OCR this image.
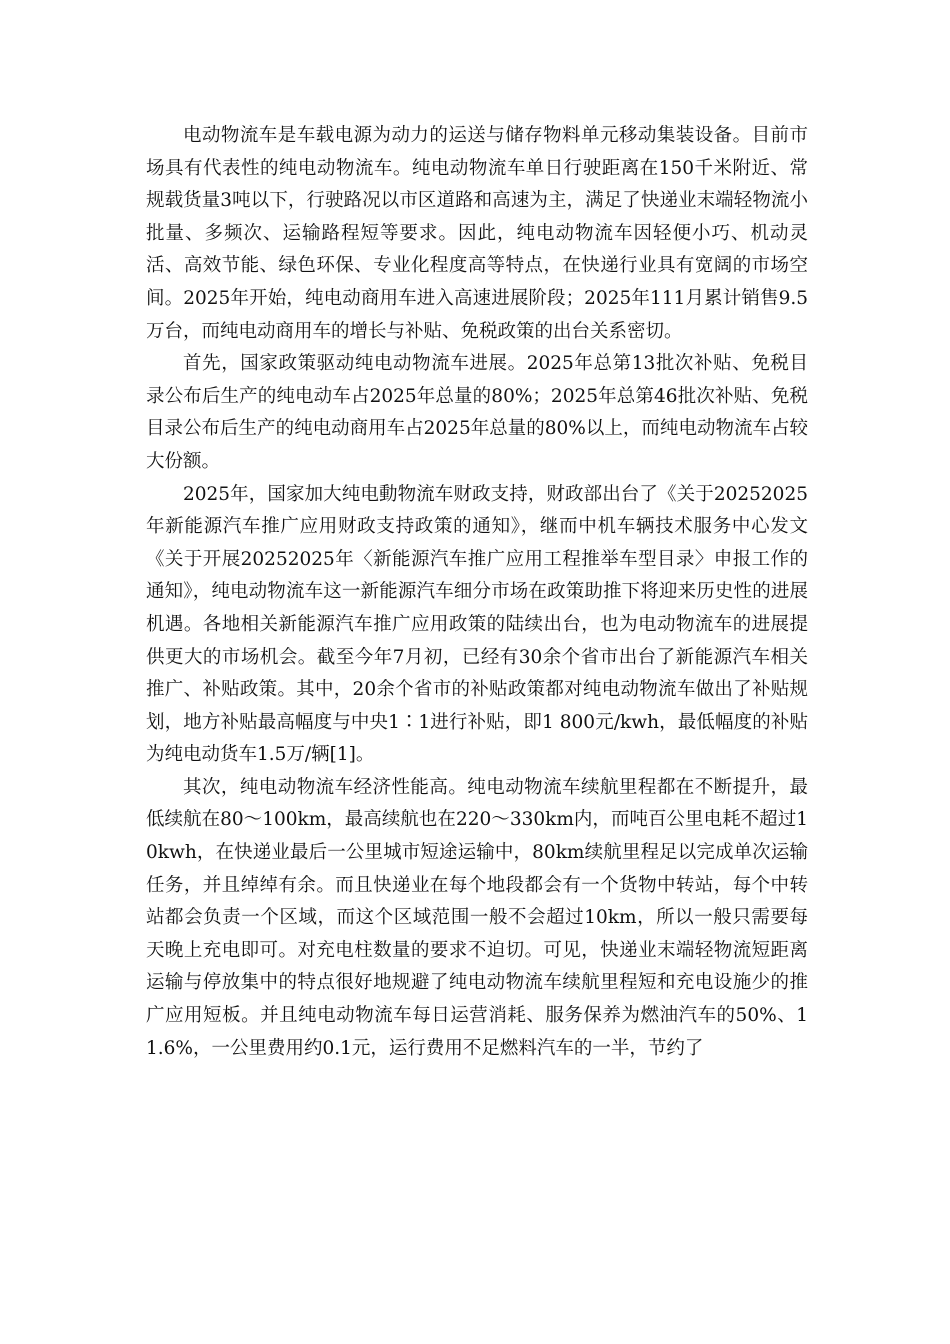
电动物流车是车载电源为动力的运送与储存物料单元移动集装设备。目前市场具有代表性的纯电动物流车。纯电动物流车单日行驶距离在150千米附近、常规载货量3吨以下，行驶路况以市区道路和高速为主，满足了快递业末端轻物流小批量、多频次、运输路程短等要求。因此，纯电动物流车因轻便小巧、机动灵活、高效节能、绿色环保、专业化程度高等特点，在快递行业具有宽阔的市场空间。2025年开始，纯电动商用车进入高速进展阶段；2025年111月累计销售9.5万台，而纯电动商用车的增长与补贴、免税政策的出台关系密切。

首先，国家政策驱动纯电动物流车进展。2025年总第13批次补贴、免税目录公布后生产的纯电动车占2025年总量的80%；2025年总第46批次补贴、免税目录公布后生产的纯电动商用车占2025年总量的80%以上，而纯电动物流车占较大份额。

2025年，国家加大纯电動物流车财政支持，财政部出台了《关于20252025年新能源汽车推广应用财政支持政策的通知》，继而中机车辆技术服务中心发文《关于开展20252025年〈新能源汽车推广应用工程推举车型目录〉申报工作的通知》，纯电动物流车这一新能源汽车细分市场在政策助推下将迎来历史性的进展机遇。各地相关新能源汽车推广应用政策的陆续出台，也为电动物流车的进展提供更大的市场机会。截至今年7月初，已经有30余个省市出台了新能源汽车相关推广、补贴政策。其中，20余个省市的补贴政策都对纯电动物流车做出了补贴规划，地方补贴最高幅度与中央1∶1进行补贴，即1 800元/kwh，最低幅度的补贴为纯电动货车1.5万/辆[1]。

其次，纯电动物流车经济性能高。纯电动物流车续航里程都在不断提升，最低续航在80～100km，最高续航也在220～330km内，而吨百公里电耗不超过10kwh，在快递业最后一公里城市短途运输中，80km续航里程足以完成单次运输任务，并且绰绰有余。而且快递业在每个地段都会有一个货物中转站，每个中转站都会负责一个区域，而这个区域范围一般不会超过10km，所以一般只需要每天晚上充电即可。对充电柱数量的要求不迫切。可见，快递业末端轻物流短距离运输与停放集中的特点很好地规避了纯电动物流车续航里程短和充电设施少的推广应用短板。并且纯电动物流车每日运营消耗、服务保养为燃油汽车的50%、11.6%，一公里费用约0.1元，运行费用不足燃料汽车的一半，节约了
